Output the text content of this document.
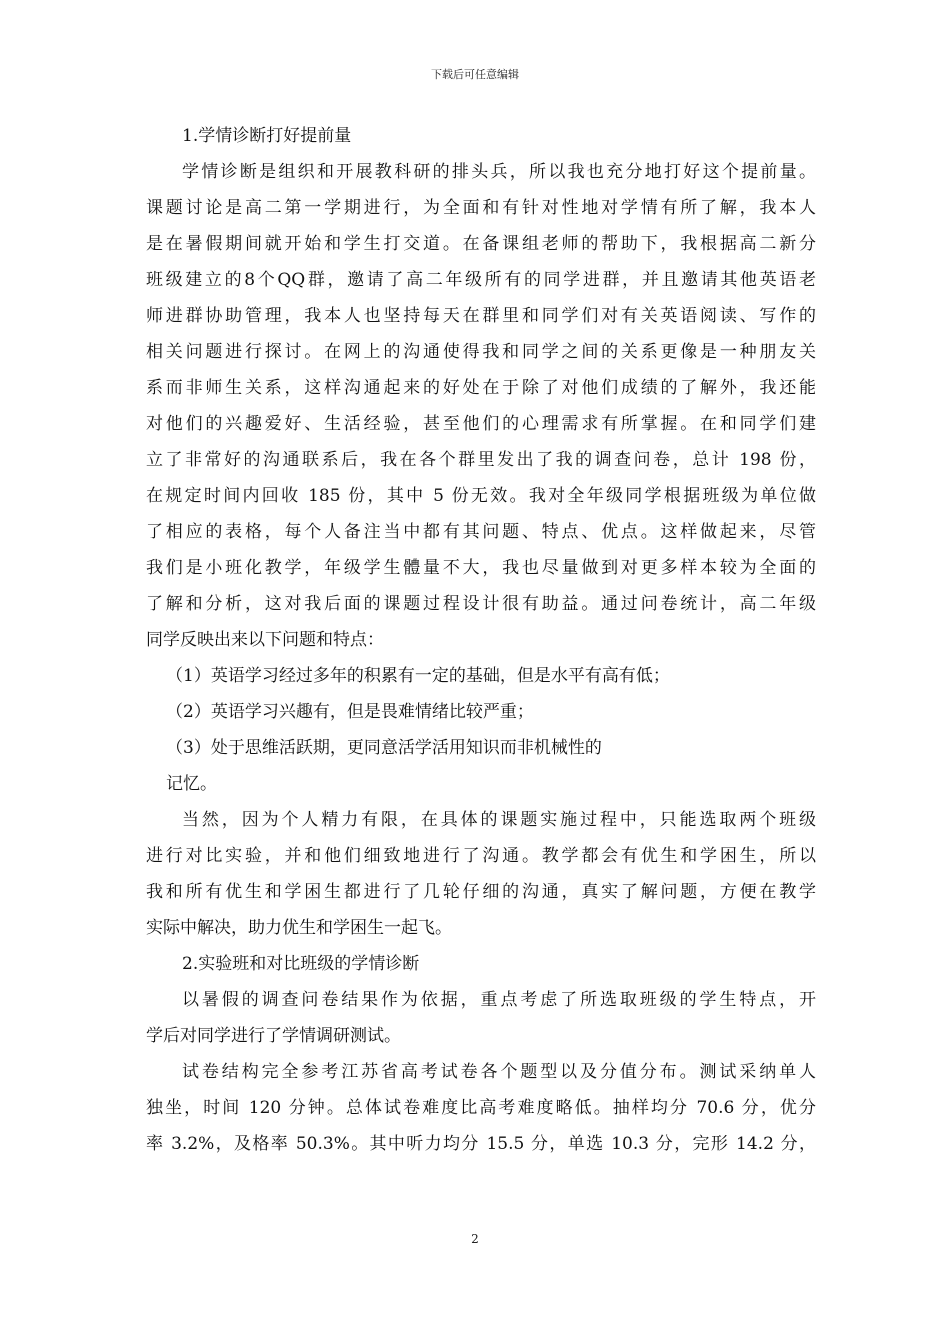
下载后可任意编辑
1.学情诊断打好提前量
学情诊断是组织和开展教科研的排头兵，所以我也充分地打好这个提前量。
课题讨论是高二第一学期进行，为全面和有针对性地对学情有所了解，我本人
是在暑假期间就开始和学生打交道。在备课组老师的帮助下，我根据高二新分
班级建立的8个QQ群，邀请了高二年级所有的同学进群，并且邀请其他英语老
师进群协助管理，我本人也坚持每天在群里和同学们对有关英语阅读、写作的
相关问题进行探讨。在网上的沟通使得我和同学之间的关系更像是一种朋友关
系而非师生关系，这样沟通起来的好处在于除了对他们成绩的了解外，我还能
对他们的兴趣爱好、生活经验，甚至他们的心理需求有所掌握。在和同学们建
立了非常好的沟通联系后，我在各个群里发出了我的调查问卷，总计 198 份，
在规定时间内回收 185 份，其中 5 份无效。我对全年级同学根据班级为单位做
了相应的表格，每个人备注当中都有其问题、特点、优点。这样做起来，尽管
我们是小班化教学，年级学生體量不大，我也尽量做到对更多样本较为全面的
了解和分析，这对我后面的课题过程设计很有助益。通过问卷统计，高二年级
同学反映出来以下问题和特点：
（1）英语学习经过多年的积累有一定的基础，但是水平有高有低；
（2）英语学习兴趣有，但是畏难情绪比较严重；
（3）处于思维活跃期，更同意活学活用知识而非机械性的
记忆。
当然，因为个人精力有限，在具体的课题实施过程中，只能选取两个班级
进行对比实验，并和他们细致地进行了沟通。教学都会有优生和学困生，所以
我和所有优生和学困生都进行了几轮仔细的沟通，真实了解问题，方便在教学
实际中解决，助力优生和学困生一起飞。
2.实验班和对比班级的学情诊断
以暑假的调查问卷结果作为依据，重点考虑了所选取班级的学生特点，开
学后对同学进行了学情调研测试。
试卷结构完全参考江苏省高考试卷各个题型以及分值分布。测试采纳单人
独坐，时间 120 分钟。总体试卷难度比高考难度略低。抽样均分 70.6 分，优分
率 3.2%，及格率 50.3%。其中听力均分 15.5 分，单选 10.3 分，完形 14.2 分，
2
